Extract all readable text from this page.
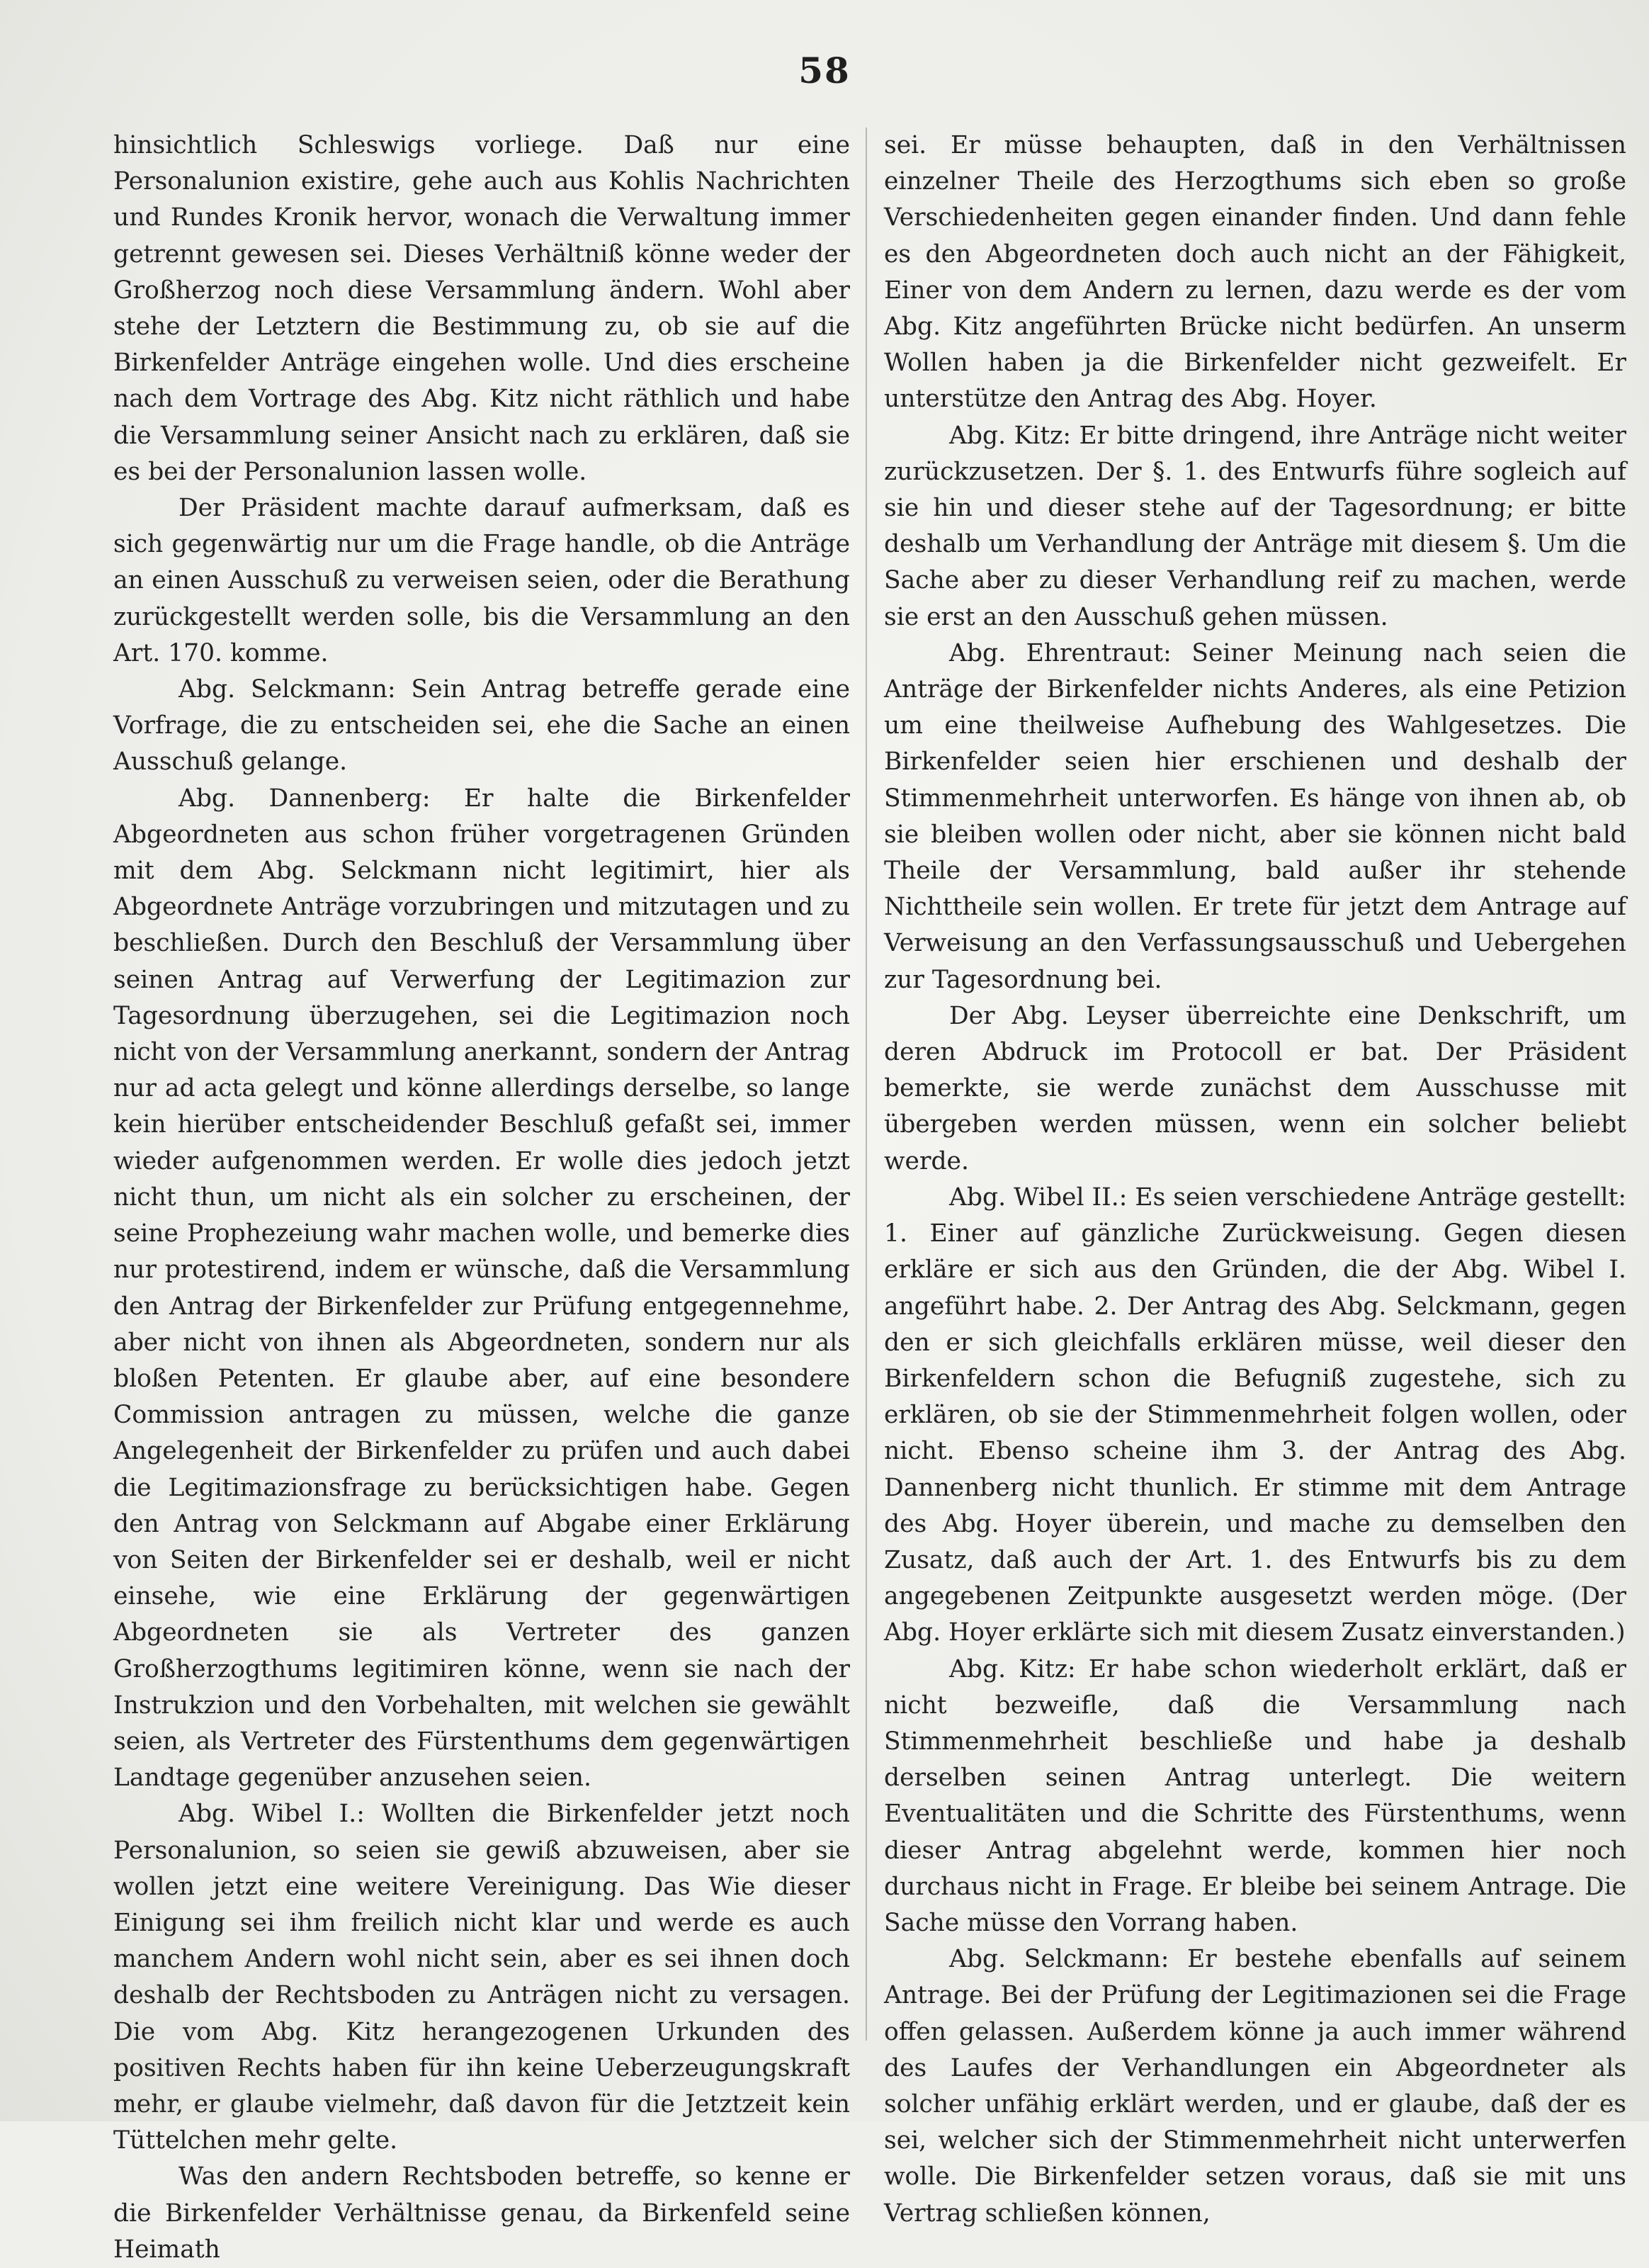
58

hinsichtlich Schleswigs vorliege. Daß nur eine Personalunion existire, gehe auch aus Kohlis Nachrichten und Rundes Kronik hervor, wonach die Verwaltung immer getrennt gewesen sei. Dieses Verhältniß könne weder der Großherzog noch diese Versammlung ändern. Wohl aber stehe der Letztern die Bestimmung zu, ob sie auf die Birkenfelder Anträge eingehen wolle. Und dies erscheine nach dem Vortrage des Abg. Kitz nicht räthlich und habe die Versammlung seiner Ansicht nach zu erklären, daß sie es bei der Personalunion lassen wolle.

Der Präsident machte darauf aufmerksam, daß es sich gegenwärtig nur um die Frage handle, ob die Anträge an einen Ausschuß zu verweisen seien, oder die Berathung zurückgestellt werden solle, bis die Versammlung an den Art. 170. komme.

Abg. Selckmann: Sein Antrag betreffe gerade eine Vorfrage, die zu entscheiden sei, ehe die Sache an einen Ausschuß gelange.

Abg. Dannenberg: Er halte die Birkenfelder Abgeordneten aus schon früher vorgetragenen Gründen mit dem Abg. Selckmann nicht legitimirt, hier als Abgeordnete Anträge vorzubringen und mitzutagen und zu beschließen. Durch den Beschluß der Versammlung über seinen Antrag auf Verwerfung der Legitimazion zur Tagesordnung überzugehen, sei die Legitimazion noch nicht von der Versammlung anerkannt, sondern der Antrag nur ad acta gelegt und könne allerdings derselbe, so lange kein hierüber entscheidender Beschluß gefaßt sei, immer wieder aufgenommen werden. Er wolle dies jedoch jetzt nicht thun, um nicht als ein solcher zu erscheinen, der seine Prophezeiung wahr machen wolle, und bemerke dies nur protestirend, indem er wünsche, daß die Versammlung den Antrag der Birkenfelder zur Prüfung entgegennehme, aber nicht von ihnen als Abgeordneten, sondern nur als bloßen Petenten. Er glaube aber, auf eine besondere Commission antragen zu müssen, welche die ganze Angelegenheit der Birkenfelder zu prüfen und auch dabei die Legitimazionsfrage zu berücksichtigen habe. Gegen den Antrag von Selckmann auf Abgabe einer Erklärung von Seiten der Birkenfelder sei er deshalb, weil er nicht einsehe, wie eine Erklärung der gegenwärtigen Abgeordneten sie als Vertreter des ganzen Großherzogthums legitimiren könne, wenn sie nach der Instrukzion und den Vorbehalten, mit welchen sie gewählt seien, als Vertreter des Fürstenthums dem gegenwärtigen Landtage gegenüber anzusehen seien.

Abg. Wibel I.: Wollten die Birkenfelder jetzt noch Personalunion, so seien sie gewiß abzuweisen, aber sie wollen jetzt eine weitere Vereinigung. Das Wie dieser Einigung sei ihm freilich nicht klar und werde es auch manchem Andern wohl nicht sein, aber es sei ihnen doch deshalb der Rechtsboden zu Anträgen nicht zu versagen. Die vom Abg. Kitz herangezogenen Urkunden des positiven Rechts haben für ihn keine Ueberzeugungskraft mehr, er glaube vielmehr, daß davon für die Jetztzeit kein Tüttelchen mehr gelte.

Was den andern Rechtsboden betreffe, so kenne er die Birkenfelder Verhältnisse genau, da Birkenfeld seine Heimath

sei. Er müsse behaupten, daß in den Verhältnissen einzelner Theile des Herzogthums sich eben so große Verschiedenheiten gegen einander finden. Und dann fehle es den Abgeordneten doch auch nicht an der Fähigkeit, Einer von dem Andern zu lernen, dazu werde es der vom Abg. Kitz angeführten Brücke nicht bedürfen. An unserm Wollen haben ja die Birkenfelder nicht gezweifelt. Er unterstütze den Antrag des Abg. Hoyer.

Abg. Kitz: Er bitte dringend, ihre Anträge nicht weiter zurückzusetzen. Der §. 1. des Entwurfs führe sogleich auf sie hin und dieser stehe auf der Tagesordnung; er bitte deshalb um Verhandlung der Anträge mit diesem §. Um die Sache aber zu dieser Verhandlung reif zu machen, werde sie erst an den Ausschuß gehen müssen.

Abg. Ehrentraut: Seiner Meinung nach seien die Anträge der Birkenfelder nichts Anderes, als eine Petizion um eine theilweise Aufhebung des Wahlgesetzes. Die Birkenfelder seien hier erschienen und deshalb der Stimmenmehrheit unterworfen. Es hänge von ihnen ab, ob sie bleiben wollen oder nicht, aber sie können nicht bald Theile der Versammlung, bald außer ihr stehende Nichttheile sein wollen. Er trete für jetzt dem Antrage auf Verweisung an den Verfassungsausschuß und Uebergehen zur Tagesordnung bei.

Der Abg. Leyser überreichte eine Denkschrift, um deren Abdruck im Protocoll er bat. Der Präsident bemerkte, sie werde zunächst dem Ausschusse mit übergeben werden müssen, wenn ein solcher beliebt werde.

Abg. Wibel II.: Es seien verschiedene Anträge gestellt: 1. Einer auf gänzliche Zurückweisung. Gegen diesen erkläre er sich aus den Gründen, die der Abg. Wibel I. angeführt habe. 2. Der Antrag des Abg. Selckmann, gegen den er sich gleichfalls erklären müsse, weil dieser den Birkenfeldern schon die Befugniß zugestehe, sich zu erklären, ob sie der Stimmenmehrheit folgen wollen, oder nicht. Ebenso scheine ihm 3. der Antrag des Abg. Dannenberg nicht thunlich. Er stimme mit dem Antrage des Abg. Hoyer überein, und mache zu demselben den Zusatz, daß auch der Art. 1. des Entwurfs bis zu dem angegebenen Zeitpunkte ausgesetzt werden möge. (Der Abg. Hoyer erklärte sich mit diesem Zusatz einverstanden.)

Abg. Kitz: Er habe schon wiederholt erklärt, daß er nicht bezweifle, daß die Versammlung nach Stimmenmehrheit beschließe und habe ja deshalb derselben seinen Antrag unterlegt. Die weitern Eventualitäten und die Schritte des Fürstenthums, wenn dieser Antrag abgelehnt werde, kommen hier noch durchaus nicht in Frage. Er bleibe bei seinem Antrage. Die Sache müsse den Vorrang haben.

Abg. Selckmann: Er bestehe ebenfalls auf seinem Antrage. Bei der Prüfung der Legitimazionen sei die Frage offen gelassen. Außerdem könne ja auch immer während des Laufes der Verhandlungen ein Abgeordneter als solcher unfähig erklärt werden, und er glaube, daß der es sei, welcher sich der Stimmenmehrheit nicht unterwerfen wolle. Die Birkenfelder setzen voraus, daß sie mit uns Vertrag schließen können,
